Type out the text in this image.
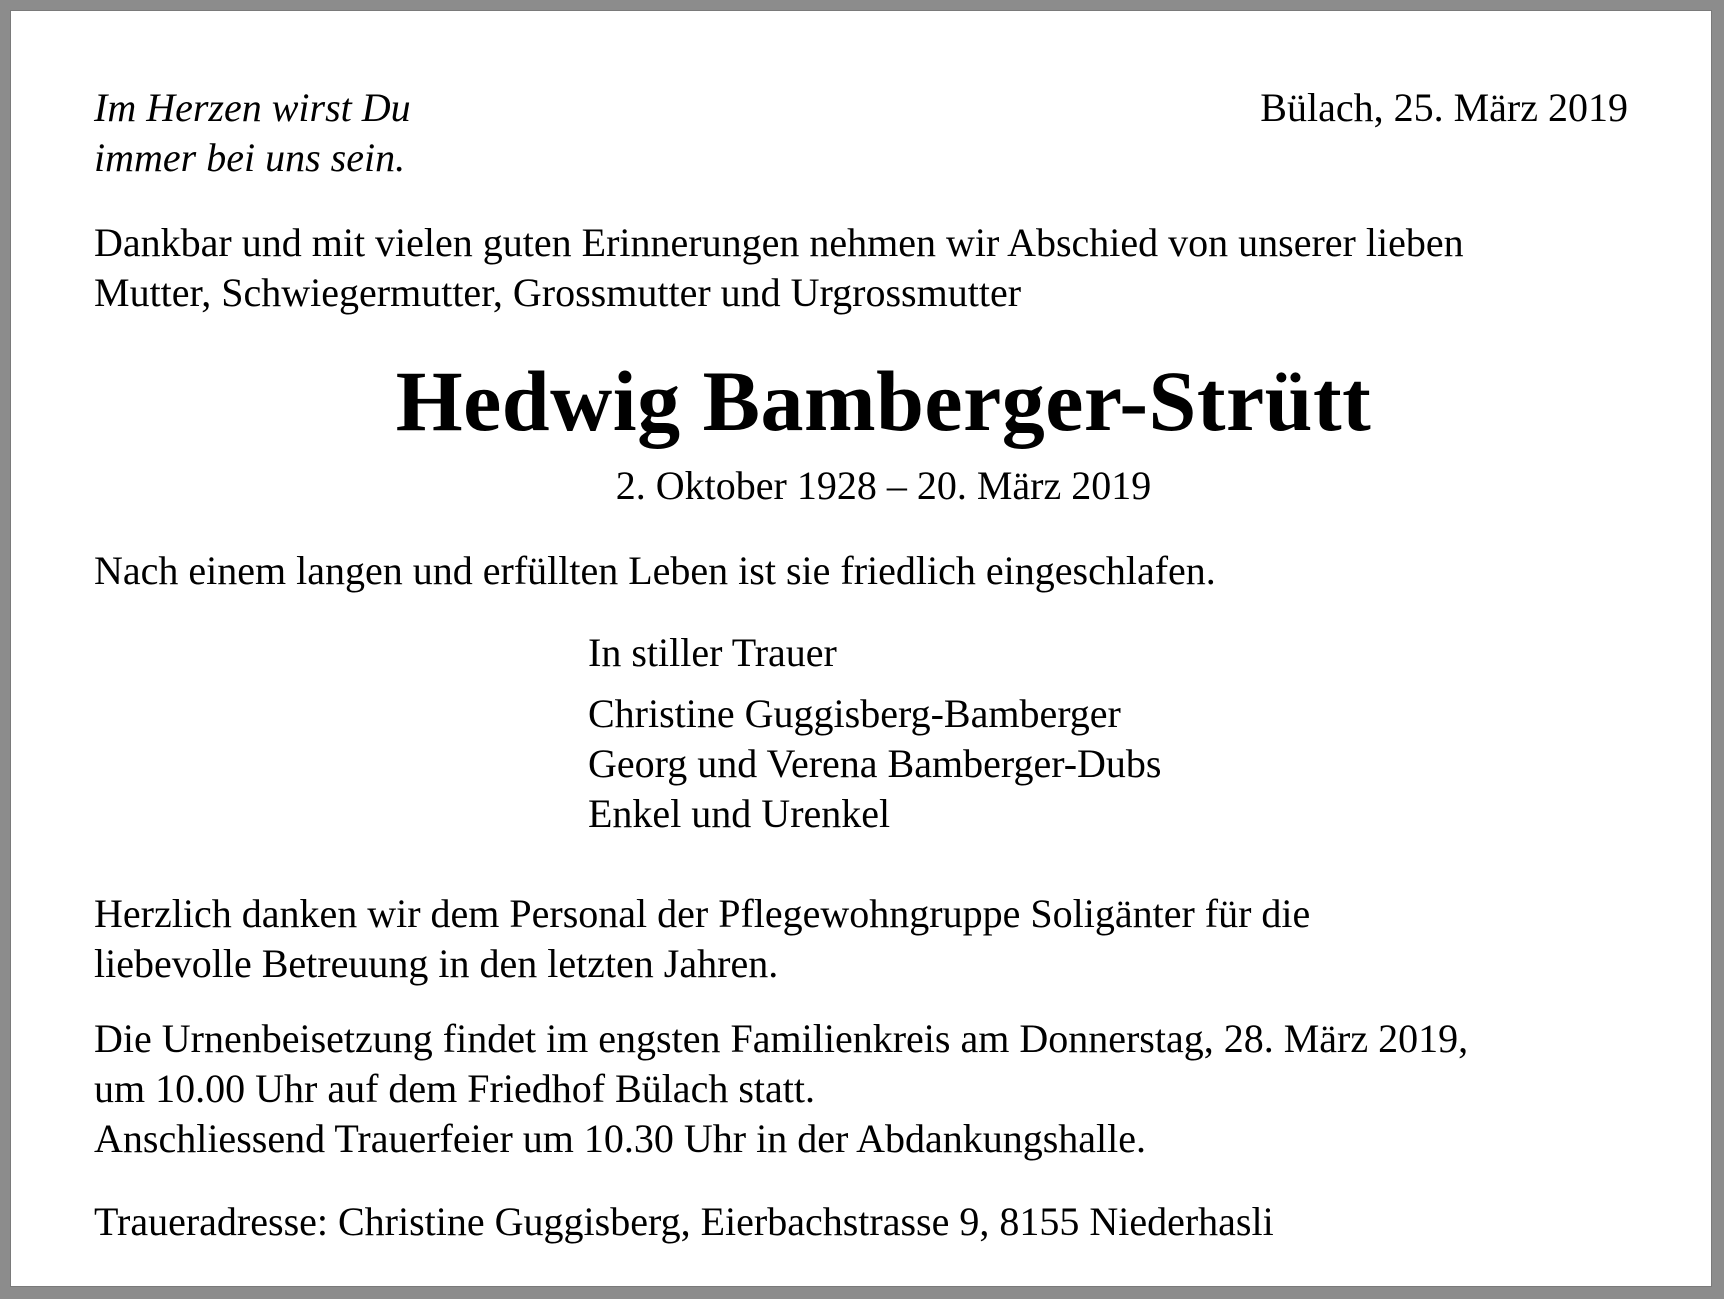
Im Herzen wirst Du
immer bei uns sein.
Bülach, 25. März 2019
Dankbar und mit vielen guten Erinnerungen nehmen wir Abschied von unserer lieben
Mutter, Schwiegermutter, Grossmutter und Urgrossmutter
Hedwig Bamberger-Strütt
2. Oktober 1928 – 20. März 2019
Nach einem langen und erfüllten Leben ist sie friedlich eingeschlafen.
In stiller Trauer
Christine Guggisberg-Bamberger
Georg und Verena Bamberger-Dubs
Enkel und Urenkel
Herzlich danken wir dem Personal der Pflegewohngruppe Soligänter für die
liebevolle Betreuung in den letzten Jahren.
Die Urnenbeisetzung findet im engsten Familienkreis am Donnerstag, 28. März 2019,
um 10.00 Uhr auf dem Friedhof Bülach statt.
Anschliessend Trauerfeier um 10.30 Uhr in der Abdankungshalle.
Traueradresse: Christine Guggisberg, Eierbachstrasse 9, 8155 Niederhasli
